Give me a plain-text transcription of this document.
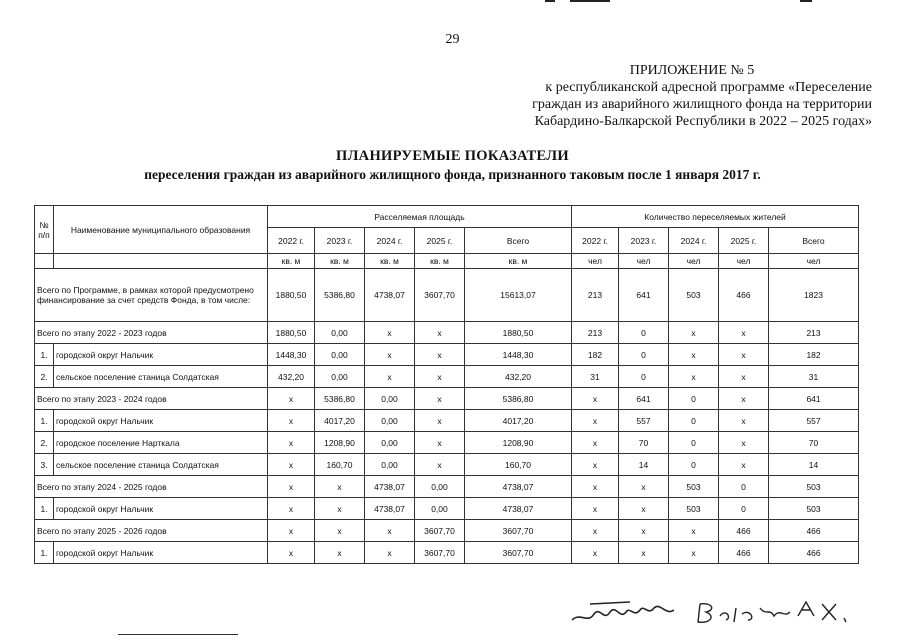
29
ПРИЛОЖЕНИЕ № 5
к республиканской адресной программе «Переселение
граждан из аварийного жилищного фонда на территории
Кабардино-Балкарской Республики в 2022 – 2025 годах»
ПЛАНИРУЕМЫЕ ПОКАЗАТЕЛИ
переселения граждан из аварийного жилищного фонда, признанного таковым после 1 января 2017 г.
№ п/п	Наименование муниципального образования	Расселяемая площадь					Количество переселяемых жителей				
		2022 г.	2023 г.	2024 г.	2025 г.	Всего	2022 г.	2023 г.	2024 г.	2025 г.	Всего
		кв. м	кв. м	кв. м	кв. м	кв. м	чел	чел	чел	чел	чел
Всего по Программе, в рамках которой предусмотрено финансирование за счет средств Фонда, в том числе:		1880,50	5386,80	4738,07	3607,70	15613,07	213	641	503	466	1823
Всего по этапу 2022 - 2023 годов		1880,50	0,00	х	х	1880,50	213	0	х	х	213
1.	городской округ Нальчик	1448,30	0,00	х	х	1448,30	182	0	х	х	182
2.	сельское поселение станица Солдатская	432,20	0,00	х	х	432,20	31	0	х	х	31
Всего по этапу 2023 - 2024 годов		х	5386,80	0,00	х	5386,80	х	641	0	х	641
1.	городской округ Нальчик	х	4017,20	0,00	х	4017,20	х	557	0	х	557
2.	городское поселение Нарткала	х	1208,90	0,00	х	1208,90	х	70	0	х	70
3.	сельское поселение станица Солдатская	х	160,70	0,00	х	160,70	х	14	0	х	14
Всего по этапу 2024 - 2025 годов		х	х	4738,07	0,00	4738,07	х	х	503	0	503
1.	городской округ Нальчик	х	х	4738,07	0,00	4738,07	х	х	503	0	503
Всего по этапу 2025 - 2026 годов		х	х	х	3607,70	3607,70	х	х	х	466	466
1.	городской округ Нальчик	х	х	х	3607,70	3607,70	х	х	х	466	466
